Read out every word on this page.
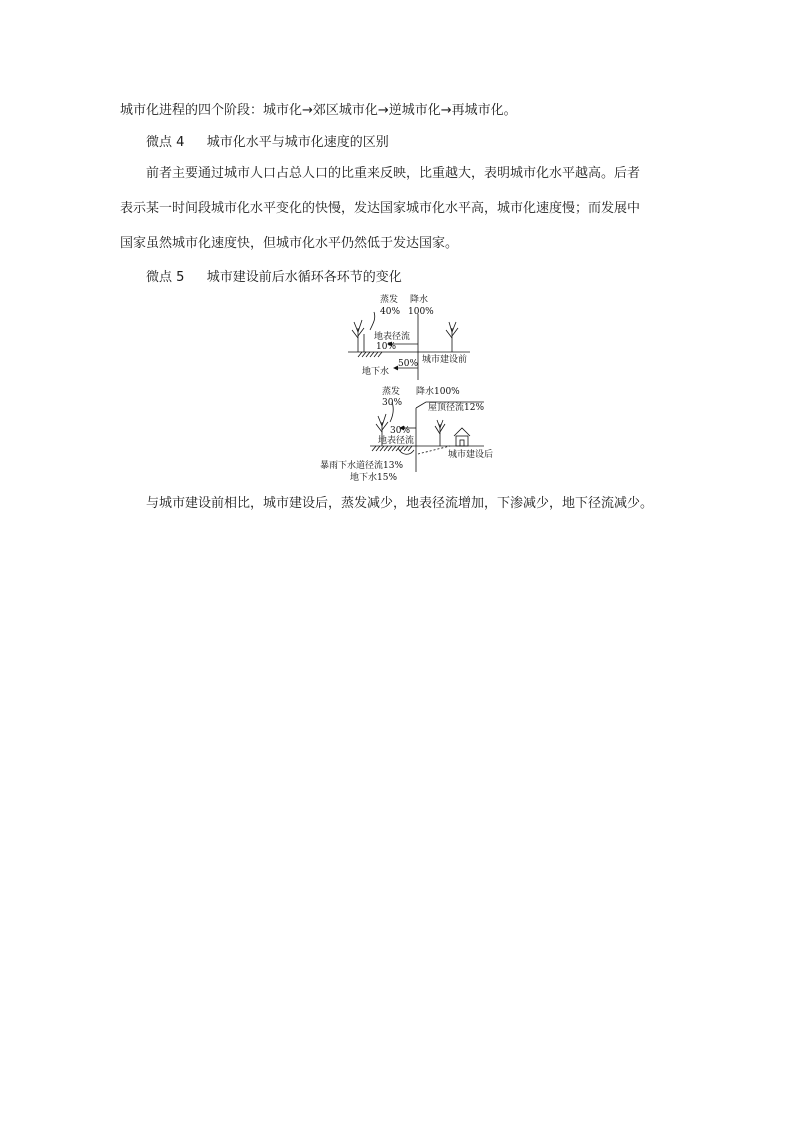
城市化进程的四个阶段：城市化→郊区城市化→逆城市化→再城市化。
微点 4 城市化水平与城市化速度的区别
前者主要通过城市人口占总人口的比重来反映，比重越大，表明城市化水平越高。后者
表示某一时间段城市化水平变化的快慢，发达国家城市化水平高，城市化速度慢；而发展中
国家虽然城市化速度快，但城市化水平仍然低于发达国家。
微点 5 城市建设前后水循环各环节的变化
蒸发
40%
降水
100%
地表径流
10%
50%
地下水
城市建设前
蒸发
30%
降水100%
屋顶径流12%
30%
地表径流
暴雨下水道径流13%
地下水15%
城市建设后
与城市建设前相比，城市建设后，蒸发减少，地表径流增加，下渗减少，地下径流减少。
